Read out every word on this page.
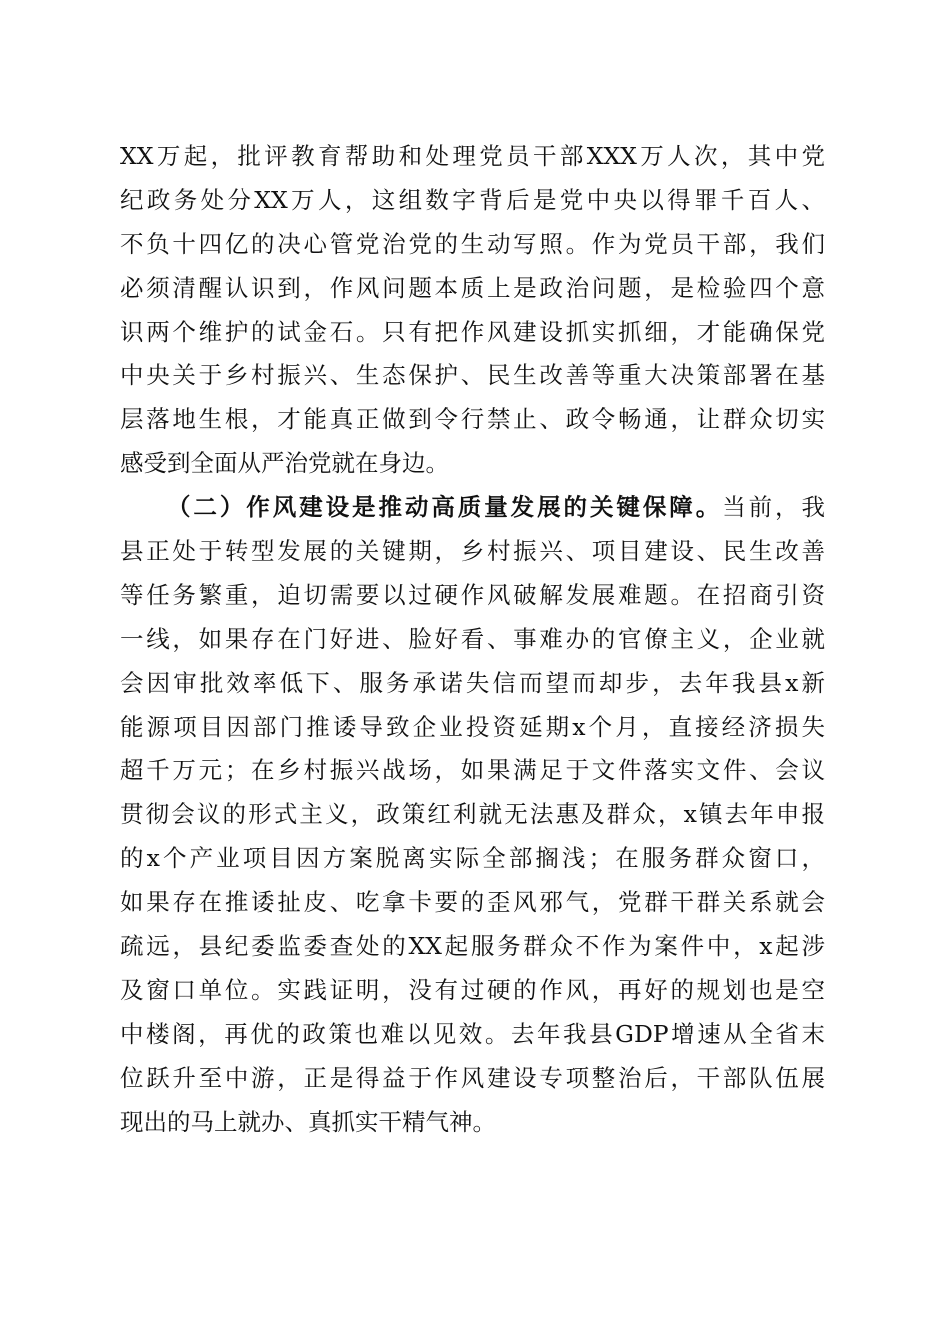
XX万起，批评教育帮助和处理党员干部XXX万人次，其中党
纪政务处分XX万人，这组数字背后是党中央以得罪千百人、
不负十四亿的决心管党治党的生动写照。作为党员干部，我们
必须清醒认识到，作风问题本质上是政治问题，是检验四个意
识两个维护的试金石。只有把作风建设抓实抓细，才能确保党
中央关于乡村振兴、生态保护、民生改善等重大决策部署在基
层落地生根，才能真正做到令行禁止、政令畅通，让群众切实
感受到全面从严治党就在身边。
（二）作风建设是推动高质量发展的关键保障。当前，我
县正处于转型发展的关键期，乡村振兴、项目建设、民生改善
等任务繁重，迫切需要以过硬作风破解发展难题。在招商引资
一线，如果存在门好进、脸好看、事难办的官僚主义，企业就
会因审批效率低下、服务承诺失信而望而却步，去年我县x新
能源项目因部门推诿导致企业投资延期x个月，直接经济损失
超千万元；在乡村振兴战场，如果满足于文件落实文件、会议
贯彻会议的形式主义，政策红利就无法惠及群众，x镇去年申报
的x个产业项目因方案脱离实际全部搁浅；在服务群众窗口，
如果存在推诿扯皮、吃拿卡要的歪风邪气，党群干群关系就会
疏远，县纪委监委查处的XX起服务群众不作为案件中，x起涉
及窗口单位。实践证明，没有过硬的作风，再好的规划也是空
中楼阁，再优的政策也难以见效。去年我县GDP增速从全省末
位跃升至中游，正是得益于作风建设专项整治后，干部队伍展
现出的马上就办、真抓实干精气神。
